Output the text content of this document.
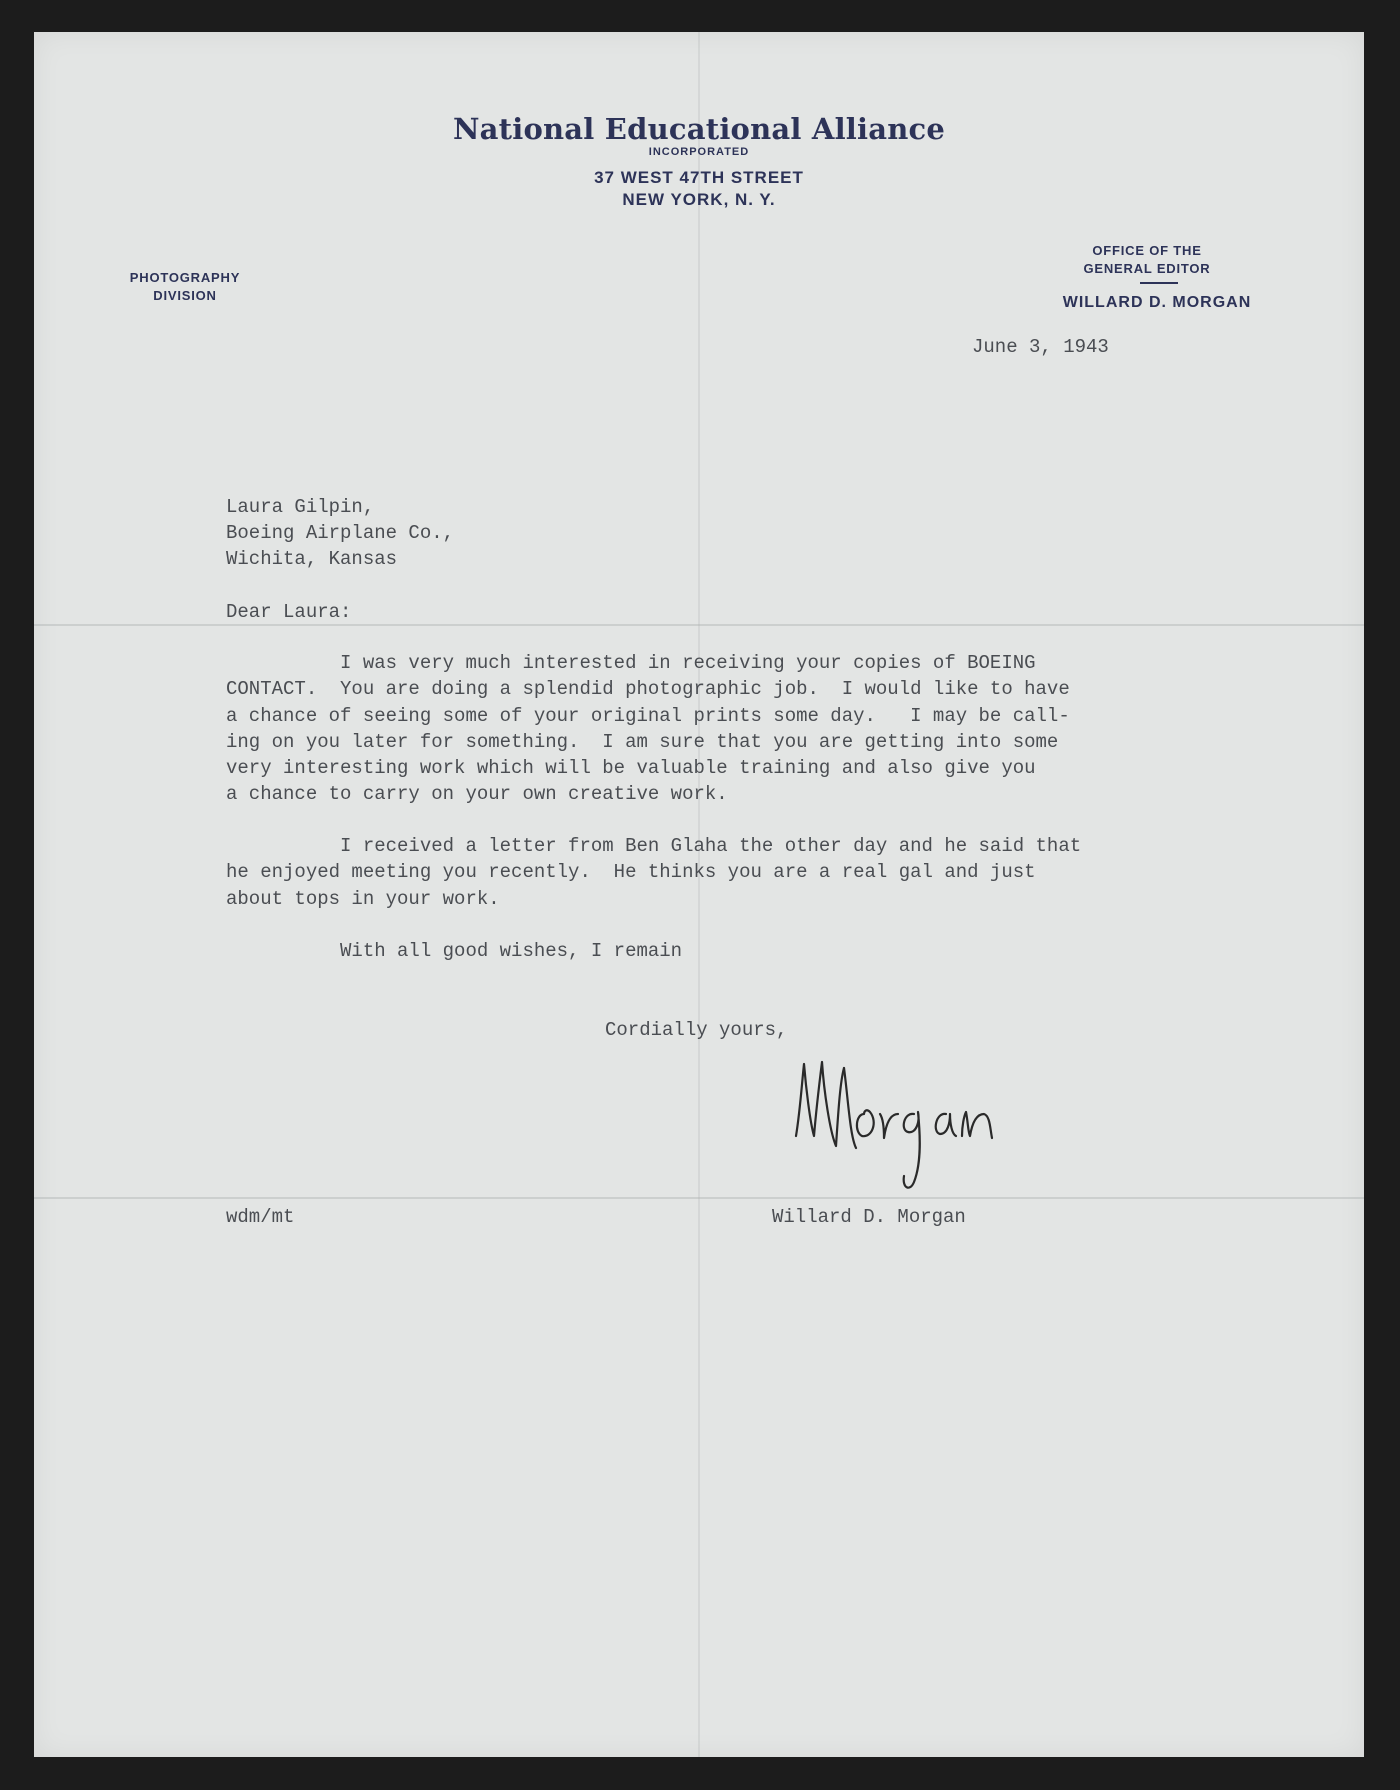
National Educational Alliance
INCORPORATED
37 WEST 47TH STREET
NEW YORK, N. Y.
PHOTOGRAPHY
DIVISION
OFFICE OF THE
GENERAL EDITOR
WILLARD D. MORGAN
June 3, 1943
Laura Gilpin,
Boeing Airplane Co.,
Wichita, Kansas
Dear Laura:
I was very much interested in receiving your copies of BOEING
CONTACT.  You are doing a splendid photographic job.  I would like to have
a chance of seeing some of your original prints some day.   I may be call-
ing on you later for something.  I am sure that you are getting into some
very interesting work which will be valuable training and also give you
a chance to carry on your own creative work.
I received a letter from Ben Glaha the other day and he said that
he enjoyed meeting you recently.  He thinks you are a real gal and just
about tops in your work.
With all good wishes, I remain
Cordially yours,
wdm/mt	Willard D. Morgan
